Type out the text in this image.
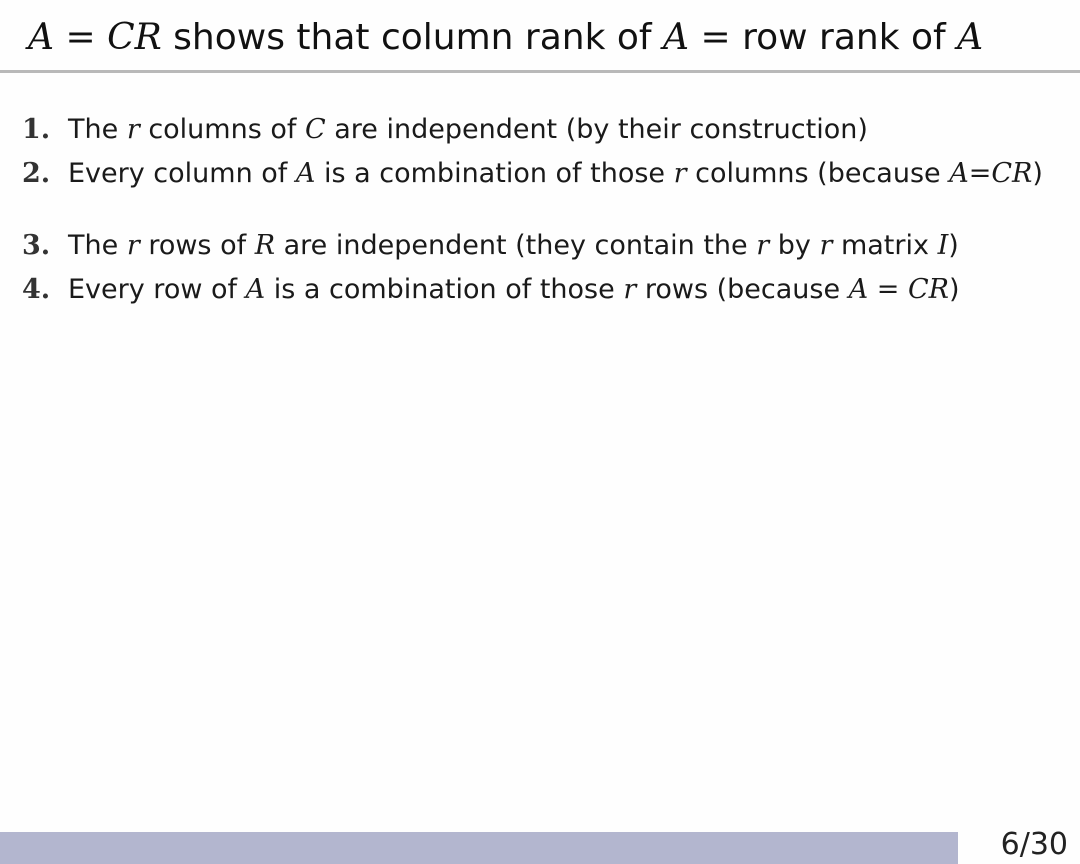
A = CR shows that column rank of A = row rank of A
1. The r columns of C are independent (by their construction)
2. Every column of A is a combination of those r columns (because A=CR)
3. The r rows of R are independent (they contain the r by r matrix I)
4. Every row of A is a combination of those r rows (because A = CR)
6/30
